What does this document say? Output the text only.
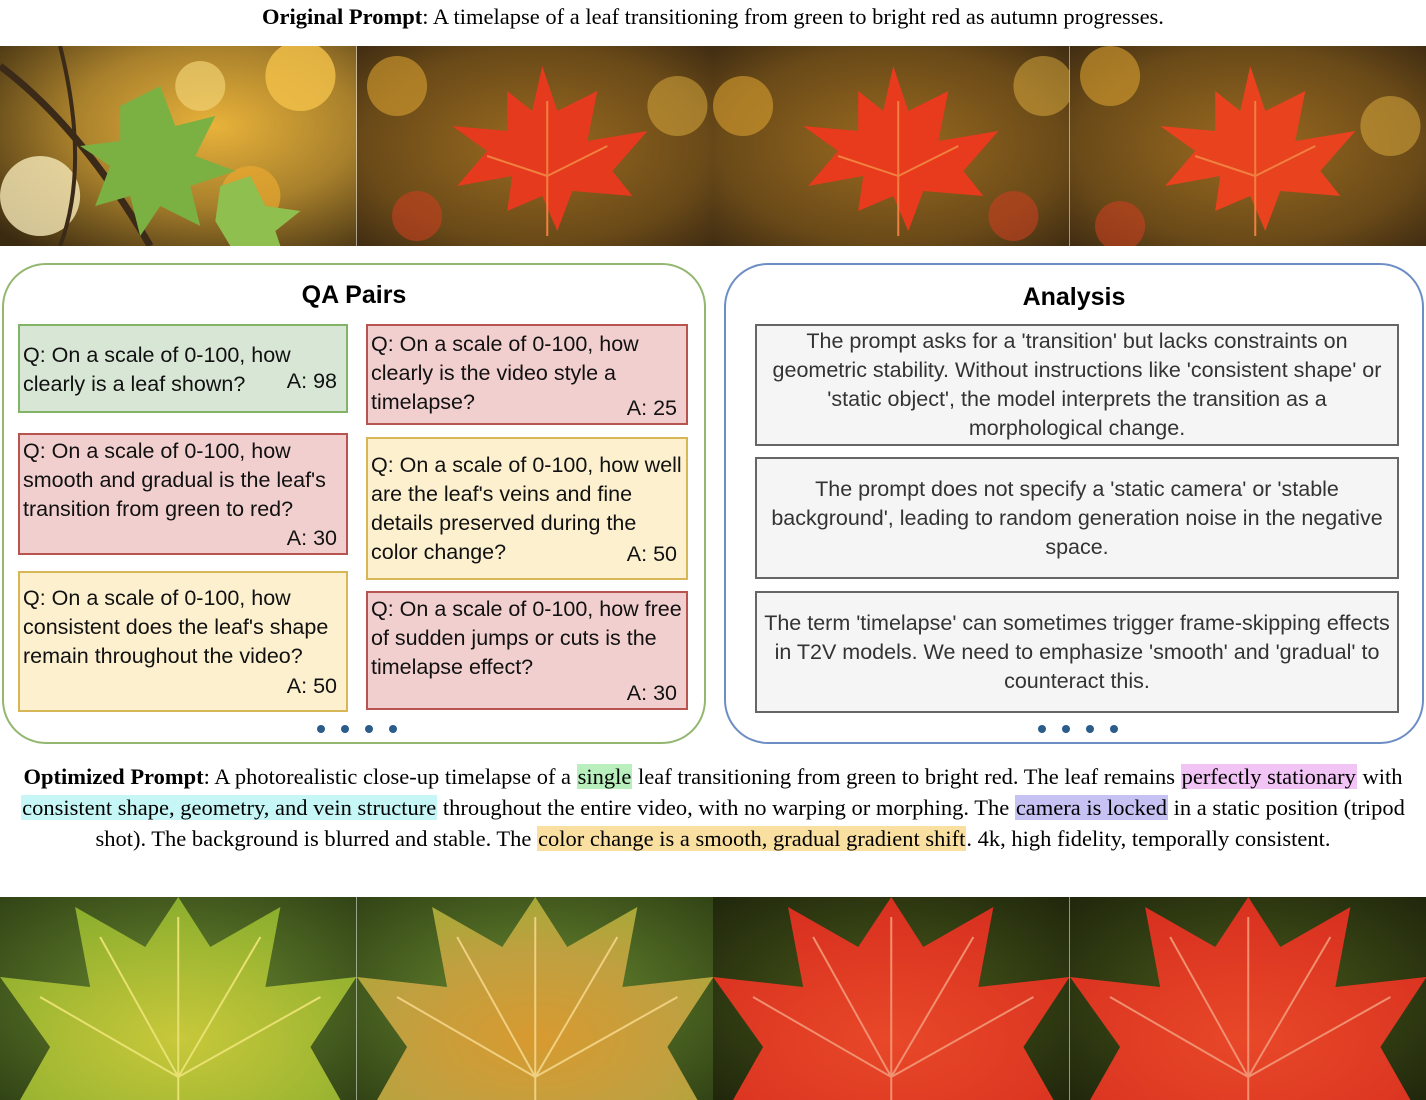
Original Prompt: A timelapse of a leaf transitioning from green to bright red as autumn progresses.
QA Pairs
Q: On a scale of 0-100, how clearly is a leaf shown? A: 98
Q: On a scale of 0-100, how clearly is the video style a timelapse?	A: 25
Q: On a scale of 0-100, how smooth and gradual is the leaf's transition from green to red?
A: 30
Q: On a scale of 0-100, how well are the leaf's veins and fine details preserved during the color change?	A: 50
Q: On a scale of 0-100, how consistent does the leaf's shape remain throughout the video?
A: 50
Q: On a scale of 0-100, how free of sudden jumps or cuts is the timelapse effect?
A: 30
Analysis
The prompt asks for a 'transition' but lacks constraints on geometric stability. Without instructions like 'consistent shape' or 'static object', the model interprets the transition as a morphological change.
The prompt does not specify a 'static camera' or 'stable background', leading to random generation noise in the negative space.
The term 'timelapse' can sometimes trigger frame-skipping effects in T2V models. We need to emphasize 'smooth' and 'gradual' to counteract this.
Optimized Prompt: A photorealistic close-up timelapse of a single leaf transitioning from green to bright red. The leaf remains perfectly stationary with consistent shape, geometry, and vein structure throughout the entire video, with no warping or morphing. The camera is locked in a static position (tripod shot). The background is blurred and stable. The color change is a smooth, gradual gradient shift. 4k, high fidelity, temporally consistent.
